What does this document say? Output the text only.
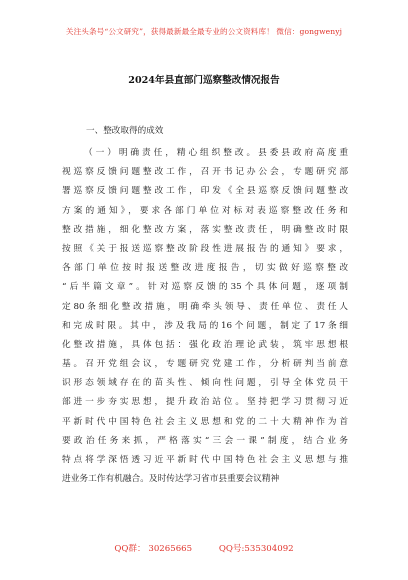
关注头条号“公文研究”，获得最新最全最专业的公文资料库！ 微信：gongwenyj
2024年县直部门巡察整改情况报告
一、整改取得的成效
（一）明确责任，精心组织整改。县委县政府高度重
视巡察反馈问题整改工作，召开书记办公会，专题研究部
署巡察反馈问题整改工作，印发《全县巡察反馈问题整改
方案的通知》，要求各部门单位对标对表巡察整改任务和
整改措施，细化整改方案，落实整改责任，明确整改时限
按照《关于报送巡察整改阶段性进展报告的通知》要求，
各部门单位按时报送整改进度报告，切实做好巡察整改
“后半篇文章”。针对巡察反馈的35个具体问题，逐项制
定80条细化整改措施，明确牵头领导、责任单位、责任人
和完成时限。其中，涉及我局的16个问题，制定了17条细
化整改措施，具体包括：强化政治理论武装，筑牢思想根
基。召开党组会议，专题研究党建工作，分析研判当前意
识形态领域存在的苗头性、倾向性问题，引导全体党员干
部进一步夯实思想，提升政治站位。坚持把学习贯彻习近
平新时代中国特色社会主义思想和党的二十大精神作为首
要政治任务来抓，严格落实“三会一课”制度，结合业务
特点将学深悟透习近平新时代中国特色社会主义思想与推
进业务工作有机融合。及时传达学习省市县重要会议精神
QQ群： 30265665	QQ号:535304092
